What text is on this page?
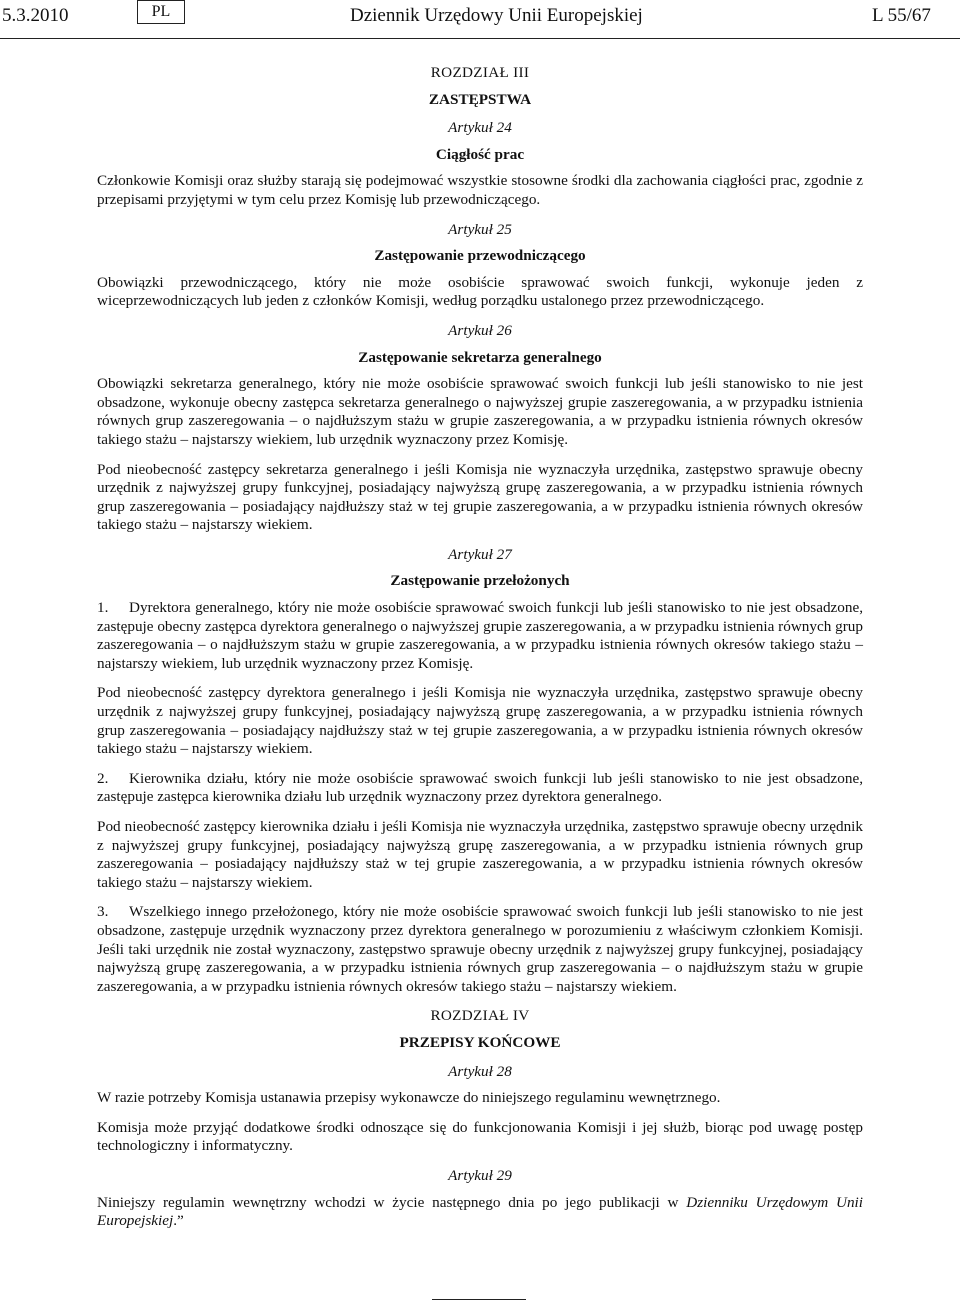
5.3.2010	PL	Dziennik Urzędowy Unii Europejskiej	L 55/67
ROZDZIAŁ III
ZASTĘPSTWA
Artykuł 24
Ciągłość prac

Członkowie Komisji oraz służby starają się podejmować wszystkie stosowne środki dla zachowania ciągłości prac, zgodnie z przepisami przyjętymi w tym celu przez Komisję lub przewodniczącego.

Artykuł 25
Zastępowanie przewodniczącego

Obowiązki przewodniczącego, który nie może osobiście sprawować swoich funkcji, wykonuje jeden z wiceprzewodniczących lub jeden z członków Komisji, według porządku ustalonego przez przewodniczącego.

Artykuł 26
Zastępowanie sekretarza generalnego

Obowiązki sekretarza generalnego, który nie może osobiście sprawować swoich funkcji lub jeśli stanowisko to nie jest obsadzone, wykonuje obecny zastępca sekretarza generalnego o najwyższej grupie zaszeregowania, a w przypadku istnienia równych grup zaszeregowania – o najdłuższym stażu w grupie zaszeregowania, a w przypadku istnienia równych okresów takiego stażu – najstarszy wiekiem, lub urzędnik wyznaczony przez Komisję.

Pod nieobecność zastępcy sekretarza generalnego i jeśli Komisja nie wyznaczyła urzędnika, zastępstwo sprawuje obecny urzędnik z najwyższej grupy funkcyjnej, posiadający najwyższą grupę zaszeregowania, a w przypadku istnienia równych grup zaszeregowania – posiadający najdłuższy staż w tej grupie zaszeregowania, a w przypadku istnienia równych okresów takiego stażu – najstarszy wiekiem.

Artykuł 27
Zastępowanie przełożonych

1. Dyrektora generalnego, który nie może osobiście sprawować swoich funkcji lub jeśli stanowisko to nie jest obsadzone, zastępuje obecny zastępca dyrektora generalnego o najwyższej grupie zaszeregowania, a w przypadku istnienia równych grup zaszeregowania – o najdłuższym stażu w grupie zaszeregowania, a w przypadku istnienia równych okresów takiego stażu – najstarszy wiekiem, lub urzędnik wyznaczony przez Komisję.

Pod nieobecność zastępcy dyrektora generalnego i jeśli Komisja nie wyznaczyła urzędnika, zastępstwo sprawuje obecny urzędnik z najwyższej grupy funkcyjnej, posiadający najwyższą grupę zaszeregowania, a w przypadku istnienia równych grup zaszeregowania – posiadający najdłuższy staż w tej grupie zaszeregowania, a w przypadku istnienia równych okresów takiego stażu – najstarszy wiekiem.

2. Kierownika działu, który nie może osobiście sprawować swoich funkcji lub jeśli stanowisko to nie jest obsadzone, zastępuje zastępca kierownika działu lub urzędnik wyznaczony przez dyrektora generalnego.

Pod nieobecność zastępcy kierownika działu i jeśli Komisja nie wyznaczyła urzędnika, zastępstwo sprawuje obecny urzędnik z najwyższej grupy funkcyjnej, posiadający najwyższą grupę zaszeregowania, a w przypadku istnienia równych grup zaszeregowania – posiadający najdłuższy staż w tej grupie zaszeregowania, a w przypadku istnienia równych okresów takiego stażu – najstarszy wiekiem.

3. Wszelkiego innego przełożonego, który nie może osobiście sprawować swoich funkcji lub jeśli stanowisko to nie jest obsadzone, zastępuje urzędnik wyznaczony przez dyrektora generalnego w porozumieniu z właściwym członkiem Komisji. Jeśli taki urzędnik nie został wyznaczony, zastępstwo sprawuje obecny urzędnik z najwyższej grupy funkcyjnej, posiadający najwyższą grupę zaszeregowania, a w przypadku istnienia równych grup zaszeregowania – o najdłuższym stażu w grupie zaszeregowania, a w przypadku istnienia równych okresów takiego stażu – najstarszy wiekiem.

ROZDZIAŁ IV
PRZEPISY KOŃCOWE
Artykuł 28

W razie potrzeby Komisja ustanawia przepisy wykonawcze do niniejszego regulaminu wewnętrznego.

Komisja może przyjąć dodatkowe środki odnoszące się do funkcjonowania Komisji i jej służb, biorąc pod uwagę postęp technologiczny i informatyczny.

Artykuł 29

Niniejszy regulamin wewnętrzny wchodzi w życie następnego dnia po jego publikacji w Dzienniku Urzędowym Unii Europejskiej.”
